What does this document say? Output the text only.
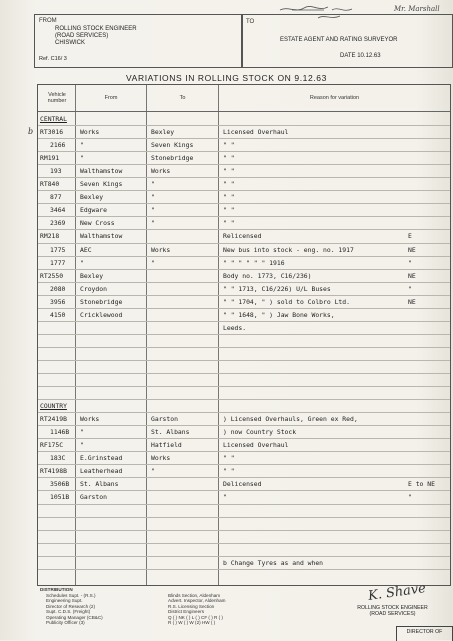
FROM
ROLLING STOCK ENGINEER
(ROAD SERVICES)
CHISWICK
Ref. C16/ 3
TO
ESTATE AGENT AND RATING SURVEYOR
DATE 10.12.63
Mr. Marshall
VARIATIONS IN ROLLING STOCK ON 9.12.63
b
Vehicle number	From	To	Reason for variation
CENTRAL
RT3016	Works	Bexley	Licensed Overhaul
2166 "	Seven Kings	" "
RM191	"	Stonebridge	" "
193	Walthamstow	Works	" "
RT840	Seven Kings	"	" "
877	Bexley	"	" "
3464 Edgware	"	" "
2369 New Cross	"	" "
RM218	Walthamstow	Relicensed	E
1775 AEC	Works	New bus into stock - eng. no. 1917	NE
1777 "	"	" " " " " " 1916	"
RT2550	Bexley	Body no. 1773, C16/236)	NE
2080 Croydon	" " 1713, C16/226) U/L Buses	"
3956 Stonebridge	" " 1704, " ) sold to Colbro Ltd.	NE
4150 Cricklewood	" " 1648, " ) Jaw Bone Works,
Leeds.
COUNTRY
RT2419B Works	Garston	) Licensed Overhauls, Green ex Red,
1146B "	St. Albans	) now Country Stock
RF175C	"	Hatfield	Licensed Overhaul
183C E.Grinstead	Works	" "
RT4198B Leatherhead	"	" "
3506B St. Albans	Delicensed	E to NE
1051B Garston	"	"
b Change Tyres as and when
DISTRIBUTION
Schedules Supt. - (R.S.)
Engineering Supt.
Director of Research (2)
Supt. C.D.S. (Freight)
Operating Manager (CB&C)
Publicity Officer (3)
Blinds Section, Aldenham
Advert. Inspector, Aldenham
R.S. Licensing Section
District Engineers
Q ( ) NK ( ) L ( ) CF ( ) R ( )
R ( ) W ( ) W (2) HW ( )
K. Shave
ROLLING STOCK ENGINEER
(ROAD SERVICES)
DIRECTOR OF
